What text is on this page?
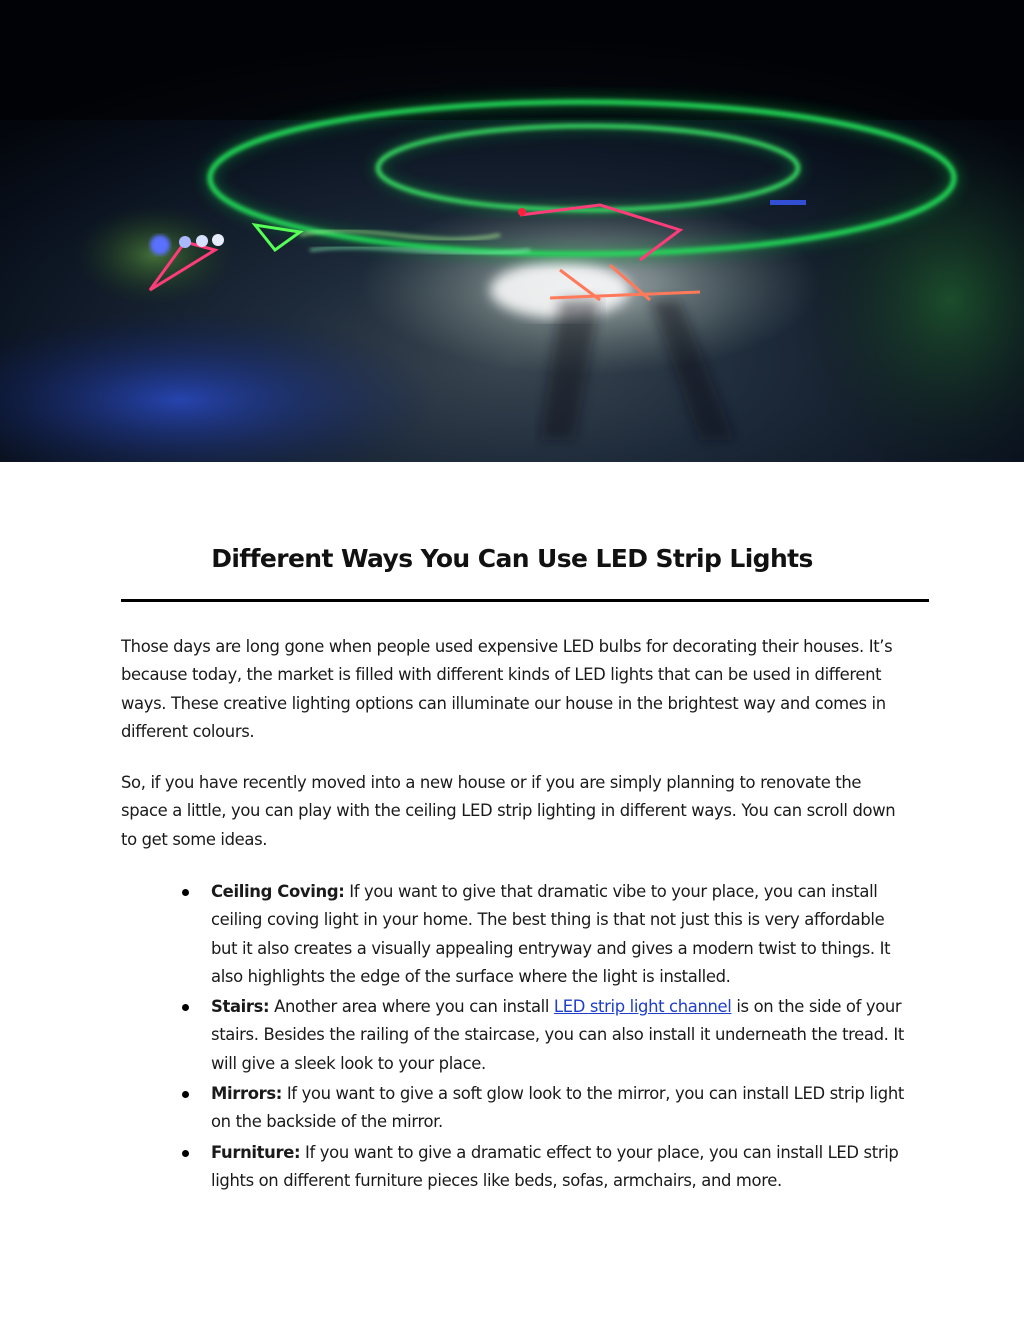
Different Ways You Can Use LED Strip Lights

Those days are long gone when people used expensive LED bulbs for decorating their houses. It’s because today, the market is filled with different kinds of LED lights that can be used in different ways. These creative lighting options can illuminate our house in the brightest way and comes in different colours.

So, if you have recently moved into a new house or if you are simply planning to renovate the space a little, you can play with the ceiling LED strip lighting in different ways. You can scroll down to get some ideas.

Ceiling Coving: If you want to give that dramatic vibe to your place, you can install ceiling coving light in your home. The best thing is that not just this is very affordable but it also creates a visually appealing entryway and gives a modern twist to things. It also highlights the edge of the surface where the light is installed.
Stairs: Another area where you can install LED strip light channel is on the side of your stairs. Besides the railing of the staircase, you can also install it underneath the tread. It will give a sleek look to your place.
Mirrors: If you want to give a soft glow look to the mirror, you can install LED strip light on the backside of the mirror.
Furniture: If you want to give a dramatic effect to your place, you can install LED strip lights on different furniture pieces like beds, sofas, armchairs, and more.
